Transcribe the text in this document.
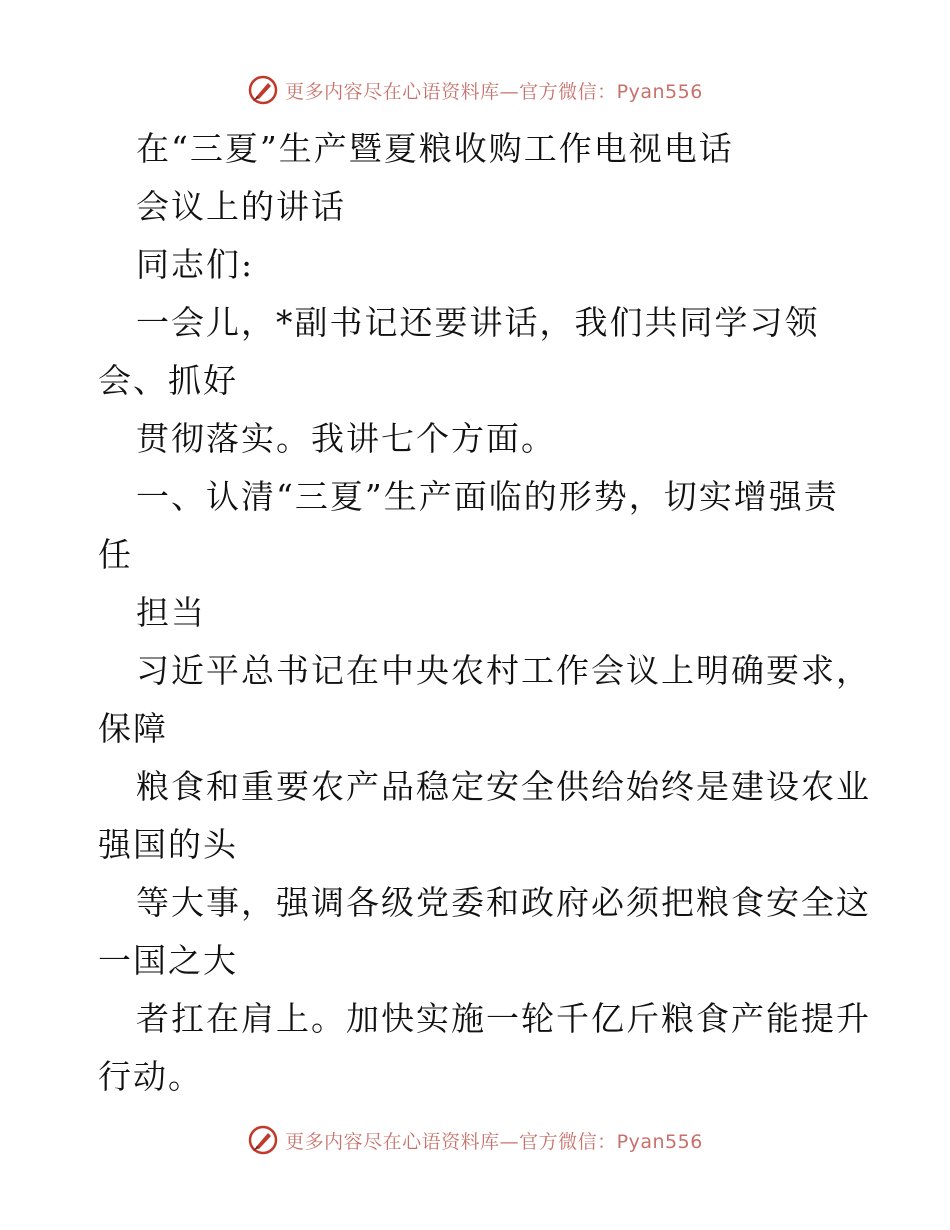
更多内容尽在心语资料库—官方微信：Pyan556
在“三夏”生产暨夏粮收购工作电视电话
会议上的讲话
同志们:
一会儿，*副书记还要讲话，我们共同学习领
会、抓好
贯彻落实。我讲七个方面。
一、认清“三夏”生产面临的形势，切实增强责
任
担当
习近平总书记在中央农村工作会议上明确要求，
保障
粮食和重要农产品稳定安全供给始终是建设农业
强国的头
等大事，强调各级党委和政府必须把粮食安全这
一国之大
者扛在肩上。加快实施一轮千亿斤粮食产能提升
行动。
更多内容尽在心语资料库—官方微信：Pyan556
